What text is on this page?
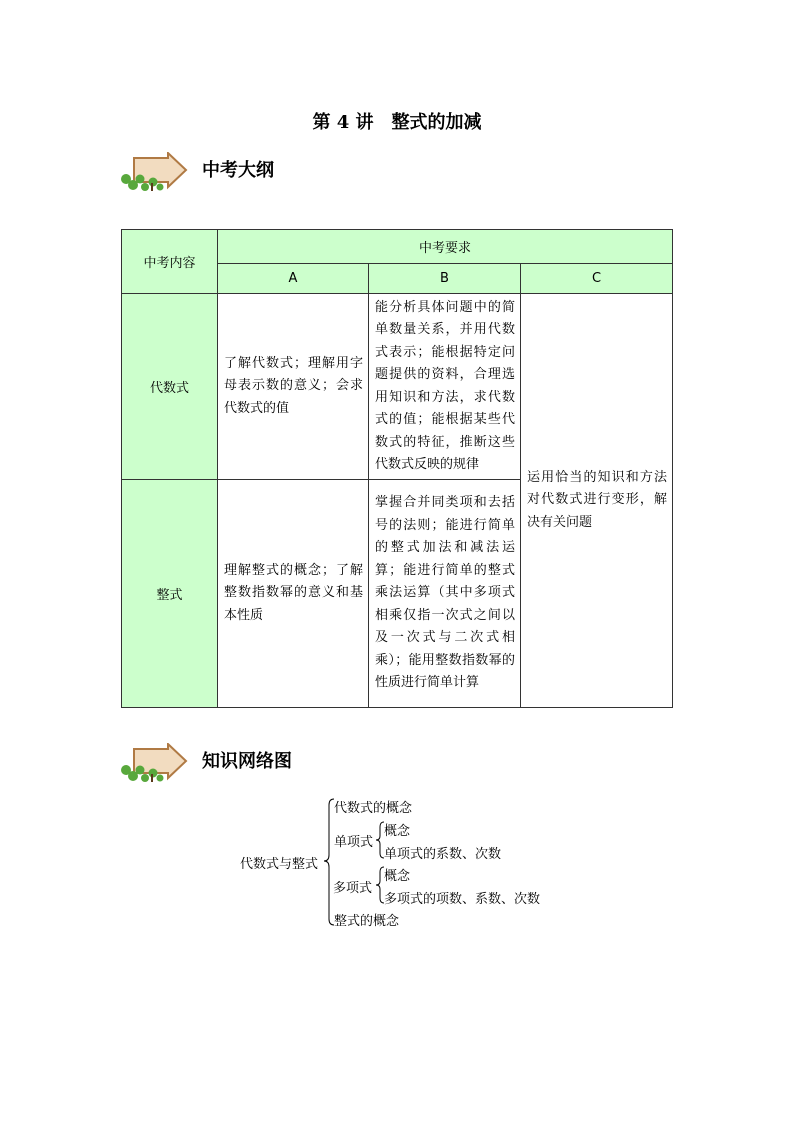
第 4 讲　整式的加减
中考大纲
中考内容	中考要求		
	A	B	C
代数式	了解代数式；理解用字母表示数的意义；会求代数式的值	能分析具体问题中的简单数量关系，并用代数式表示；能根据特定问题提供的资料，合理选用知识和方法，求代数式的值；能根据某些代数式的特征，推断这些代数式反映的规律	运用恰当的知识和方法对代数式进行变形，解决有关问题

整式	理解整式的概念；了解整数指数幂的意义和基本性质	掌握合并同类项和去括号的法则；能进行简单的整式加法和减法运算；能进行简单的整式乘法运算（其中多项式相乘仅指一次式之间以及一次式与二次式相乘）；能用整数指数幂的性质进行简单计算	
知识网络图
代数式与整式
代数式的概念
单项式
概念
单项式的系数、次数
多项式
概念
多项式的项数、系数、次数
整式的概念
